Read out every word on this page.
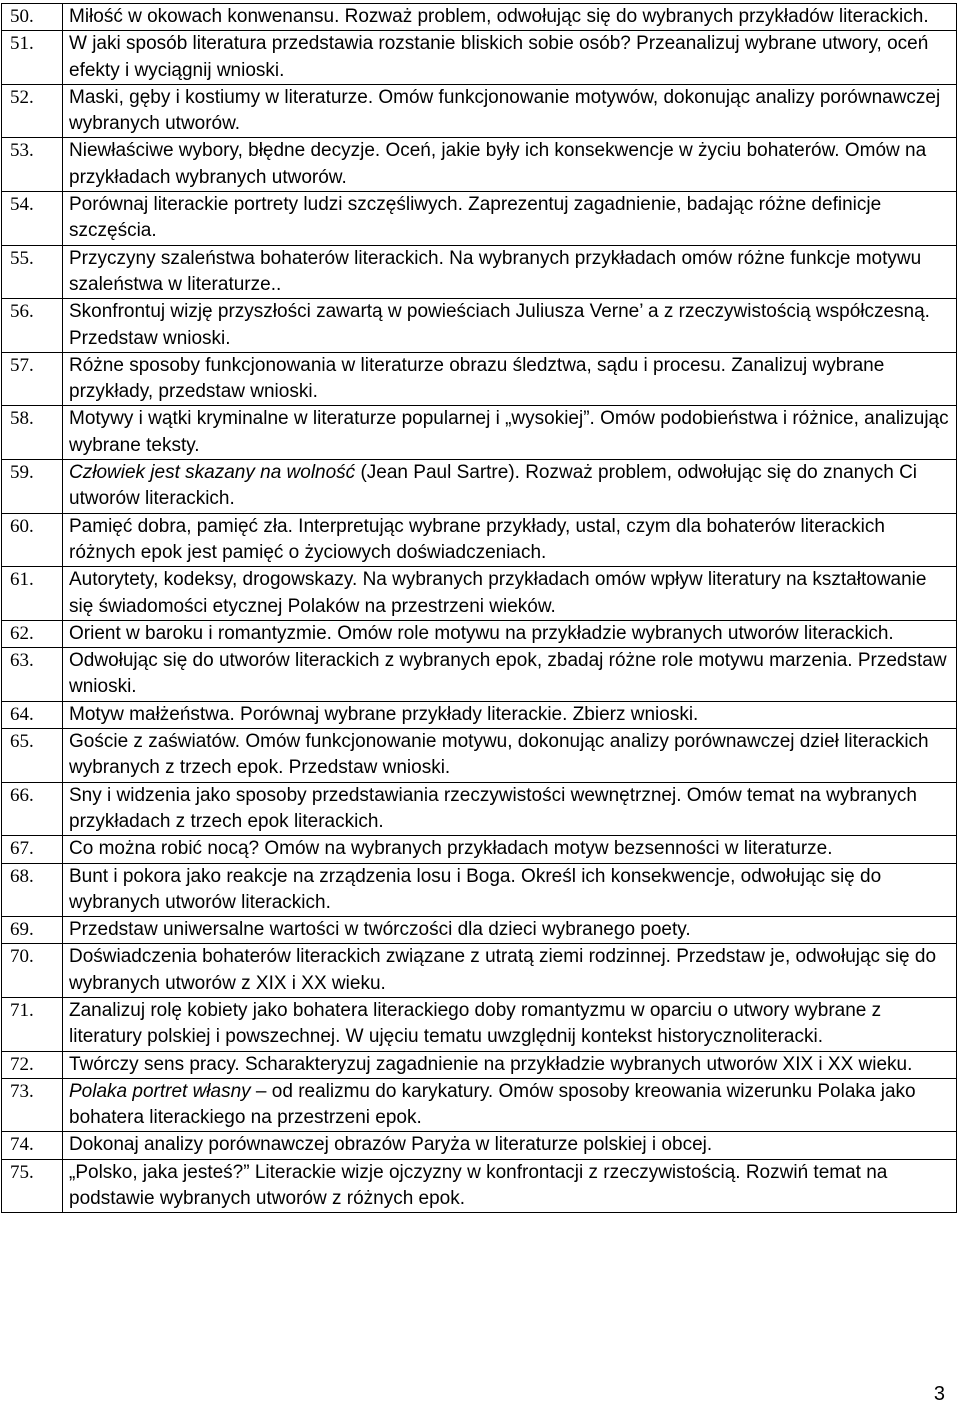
50.	Miłość w okowach konwenansu. Rozważ problem, odwołując się do wybranych przykładów literackich.
51.	W jaki sposób literatura przedstawia rozstanie bliskich sobie osób? Przeanalizuj wybrane utwory, oceń efekty i wyciągnij wnioski.
52.	Maski, gęby i kostiumy w literaturze. Omów funkcjonowanie motywów, dokonując analizy porównawczej wybranych utworów.
53.	Niewłaściwe wybory, błędne decyzje. Oceń, jakie były ich konsekwencje w życiu bohaterów. Omów na przykładach wybranych utworów.
54.	Porównaj literackie portrety ludzi szczęśliwych. Zaprezentuj zagadnienie, badając różne definicje szczęścia.
55.	Przyczyny szaleństwa bohaterów literackich. Na wybranych przykładach omów różne funkcje motywu szaleństwa w literaturze..
56.	Skonfrontuj wizję przyszłości zawartą w powieściach Juliusza Verne’ a z rzeczywistością współczesną. Przedstaw wnioski.
57.	Różne sposoby funkcjonowania w literaturze obrazu śledztwa, sądu i procesu. Zanalizuj wybrane przykłady, przedstaw wnioski.
58.	Motywy i wątki kryminalne w literaturze popularnej i „wysokiej”. Omów podobieństwa i różnice, analizując wybrane teksty.
59.	Człowiek jest skazany na wolność (Jean Paul Sartre). Rozważ problem, odwołując się do znanych Ci utworów literackich.
60.	Pamięć dobra, pamięć zła. Interpretując wybrane przykłady, ustal, czym dla bohaterów literackich różnych epok jest pamięć o życiowych doświadczeniach.
61.	Autorytety, kodeksy, drogowskazy. Na wybranych przykładach omów wpływ literatury na kształtowanie się świadomości etycznej Polaków na przestrzeni wieków.
62.	Orient w baroku i romantyzmie. Omów role motywu na przykładzie wybranych utworów literackich.
63.	Odwołując się do utworów literackich z wybranych epok, zbadaj różne role motywu marzenia. Przedstaw wnioski.
64.	Motyw małżeństwa. Porównaj wybrane przykłady literackie. Zbierz wnioski.
65.	Goście z zaświatów. Omów funkcjonowanie motywu, dokonując analizy porównawczej dzieł literackich wybranych z trzech epok. Przedstaw wnioski.
66.	Sny i widzenia jako sposoby przedstawiania rzeczywistości wewnętrznej. Omów temat na wybranych przykładach z trzech epok literackich.
67.	Co można robić nocą? Omów na wybranych przykładach motyw bezsenności w literaturze.
68.	Bunt i pokora jako reakcje na zrządzenia losu i Boga. Określ ich konsekwencje, odwołując się do wybranych utworów literackich.
69.	Przedstaw uniwersalne wartości w twórczości dla dzieci wybranego poety.
70.	Doświadczenia bohaterów literackich związane z utratą ziemi rodzinnej. Przedstaw je, odwołując się do wybranych utworów z XIX i XX wieku.
71.	Zanalizuj rolę kobiety jako bohatera literackiego doby romantyzmu w oparciu o utwory wybrane z literatury polskiej i powszechnej. W ujęciu tematu uwzględnij kontekst historycznoliteracki.
72.	Twórczy sens pracy. Scharakteryzuj zagadnienie na przykładzie wybranych utworów XIX i XX wieku.
73.	Polaka portret własny – od realizmu do karykatury. Omów sposoby kreowania wizerunku Polaka jako bohatera literackiego na przestrzeni epok.
74.	Dokonaj analizy porównawczej obrazów Paryża w literaturze polskiej i obcej.
75.	„Polsko, jaka jesteś?” Literackie wizje ojczyzny w konfrontacji z rzeczywistością. Rozwiń temat na podstawie wybranych utworów z różnych epok.
3
